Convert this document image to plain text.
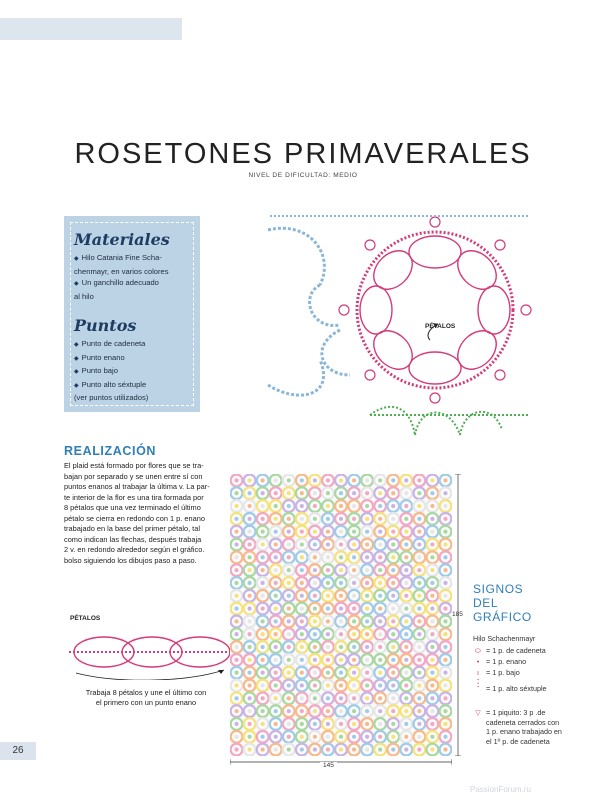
ROSETONES PRIMAVERALES
NIVEL DE DIFICULTAD: MEDIO
Materiales
◆ Hilo Catania Fine Scha-
chenmayr, en varios colores
◆ Un ganchillo adecuado
al hilo
Puntos
◆ Punto de cadeneta
◆ Punto enano
◆ Punto bajo
◆ Punto alto séxtuple
(ver puntos utilizados)
PÉTALOS
REALIZACIÓN
El plaid está formado por flores que se tra-
bajan por separado y se unen entre sí con
puntos enanos al trabajar la última v. La par-
te interior de la flor es una tira formada por
8 pétalos que una vez terminado el último
pétalo se cierra en redondo con 1 p. enano
trabajado en la base del primer pétalo, tal
como indican las flechas, después trabaja
2 v. en redondo alrededor según el gráfico.
bolso siguiendo los dibujos paso a paso.
PÉTALOS
Trabaja 8 pétalos y une el último con
el primero con un punto enano
185
145
SIGNOS
DEL
GRÁFICO
Hilo Schachenmayr
⬭ = 1 p. de cadeneta
• = 1 p. enano
ı = 1 p. bajo
⫶ = 1 p. alto séxtuple
▽ = 1 piquito: 3 p .de
cadeneta cerrados con
1 p. enano trabajado en
el 1º p. de cadeneta
26
PassionForum.ru
